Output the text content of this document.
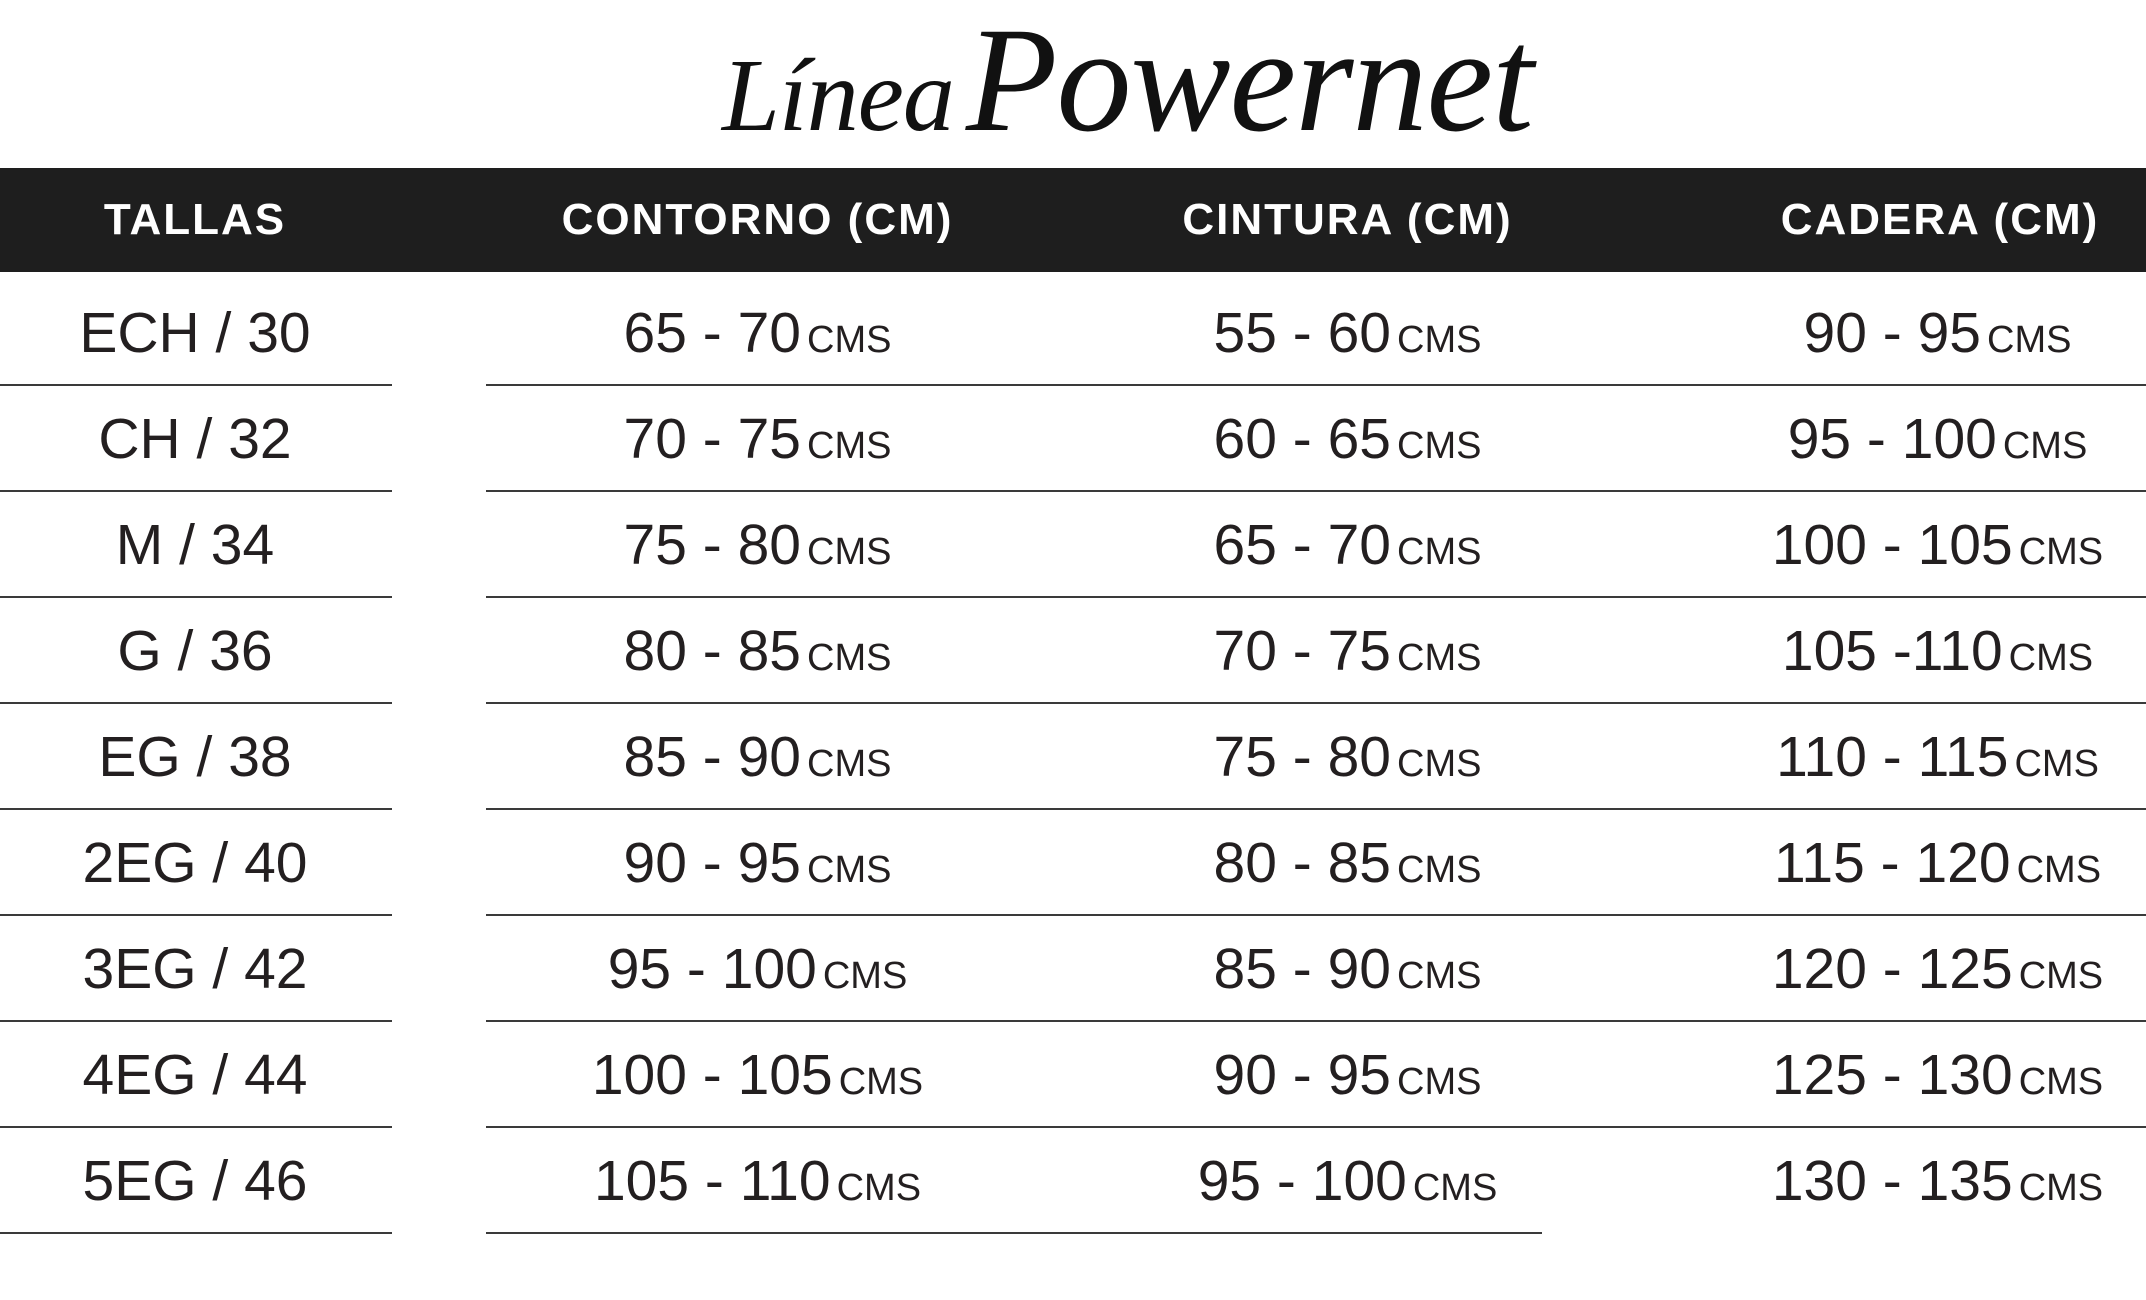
LíneaPowernet
TALLAS	CONTORNO (CM)	CINTURA (CM)	CADERA (CM)
ECH / 30	65 - 70 CMS	55 - 60 CMS	90 - 95 CMS
CH / 32	70 - 75 CMS	60 - 65 CMS	95 - 100 CMS
M / 34	75 - 80 CMS	65 - 70 CMS	100 - 105 CMS
G / 36	80 - 85 CMS	70 - 75 CMS	105 -110 CMS
EG / 38	85 - 90 CMS	75 - 80 CMS	110 - 115 CMS
2EG / 40	90 - 95 CMS	80 - 85 CMS	115 - 120 CMS
3EG / 42	95 - 100 CMS	85 - 90 CMS	120 - 125 CMS
4EG / 44	100 - 105 CMS	90 - 95 CMS	125 - 130 CMS
5EG / 46	105 - 110 CMS	95 - 100 CMS	130 - 135 CMS
